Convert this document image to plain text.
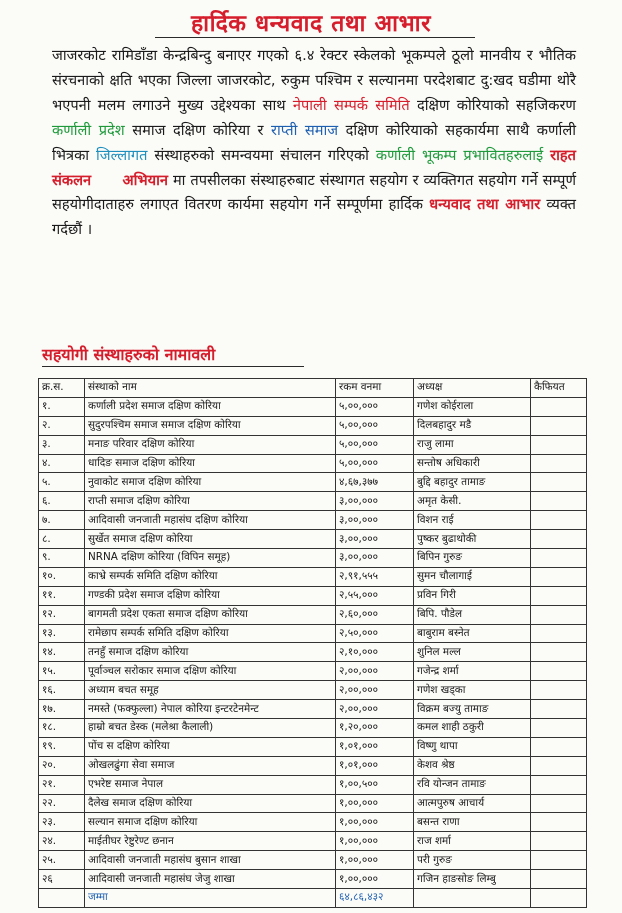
हार्दिक धन्यवाद तथा आभार
जाजरकोट रामिडाँडा केन्द्रबिन्दु बनाएर गएको ६.४ रेक्टर स्केलको भूकम्पले ठूलो मानवीय र भौतिक संरचनाको क्षति भएका जिल्ला जाजरकोट, रुकुम पश्चिम र सल्यानमा परदेशबाट दु:खद घडीमा थोरै भएपनी मलम लगाउने मुख्य उद्देश्यका साथ नेपाली सम्पर्क समिति दक्षिण कोरियाको सहजिकरण कर्णाली प्रदेश समाज दक्षिण कोरिया र राप्ती समाज दक्षिण कोरियाको सहकार्यमा साथै कर्णाली भित्रका जिल्लागत संस्थाहरुको समन्वयमा संचालन गरिएको कर्णाली भूकम्प प्रभावितहरुलाई राहत संकलन अभियान मा तपसीलका संस्थाहरुबाट संस्थागत सहयोग र व्यक्तिगत सहयोग गर्ने सम्पूर्ण सहयोगीदाताहरु लगाएत वितरण कार्यमा सहयोग गर्ने सम्पूर्णमा हार्दिक धन्यवाद तथा आभार व्यक्त गर्दछौं ।
सहयोगी संस्थाहरुको नामावली
क्र.स.	संस्थाको नाम	रकम वनमा	अध्यक्ष	कैफियत
१.	कर्णाली प्रदेश समाज दक्षिण कोरिया	५,००,०००	गणेश कोईराला	
२.	सुदुरपश्चिम समाज समाज दक्षिण कोरिया	५,००,०००	दिलबहादुर मडै	
३.	मनाङ परिवार दक्षिण कोरिया	५,००,०००	राजु लामा	
४.	धादिङ समाज दक्षिण कोरिया	५,००,०००	सन्तोष अधिकारी	
५.	नुवाकोट समाज दक्षिण कोरिया	४,६७,३७७	बुद्दि बहादुर तामाङ	
६.	राप्ती समाज दक्षिण कोरिया	३,००,०००	अमृत केसी.	
७.	आदिवासी जनजाती महासंघ दक्षिण कोरिया	३,००,०००	विशन राई	
८.	सुर्खेत समाज दक्षिण कोरिया	३,००,०००	पुष्कर बुढाथोकी	
९.	NRNA दक्षिण कोरिया (विपिन समूह)	३,००,०००	बिपिन गुरुङ	
१०.	काभ्रे सम्पर्क समिति दक्षिण कोरिया	२,९१,५५५	सुमन चौलागाई	
११.	गण्डकी प्रदेश समाज दक्षिण कोरिया	२,५५,०००	प्रविन गिरी	
१२.	बागमती प्रदेश एकता समाज दक्षिण कोरिया	२,६०,०००	बिपि. पौडेल	
१३.	रामेछाप सम्पर्क समिति दक्षिण कोरिया	२,५०,०००	बाबुराम बस्नेत	
१४.	तनहुँ समाज दक्षिण कोरिया	२,१०,०००	शुनिल मल्ल	
१५.	पूर्वाञ्चल सरोकार समाज दक्षिण कोरिया	२,००,०००	गजेन्द्र शर्मा	
१६.	अध्याम बचत समूह	२,००,०००	गणेश खड्का	
१७.	नमस्ते (फक्फुल्ला) नेपाल कोरिया इन्टरटेनमेन्ट	२,००,०००	विक्रम बज्यु तामाङ	
१८.	हाम्रो बचत डेस्क (मलेश्रा कैलाली)	१,२०,०००	कमल शाही ठकुरी	
१९.	पोंच स दक्षिण कोरिया	१,०१,०००	विष्णु थापा	
२०.	ओखलढुंगा सेवा समाज	१,०१,०००	केशव श्रेष्ठ	
२१.	एभरेष्ट समाज नेपाल	१,००,५००	रवि योन्जन तामाङ	
२२.	दैलेख समाज दक्षिण कोरिया	१,००,०००	आत्मपुरुष आचार्य	
२३.	सल्यान समाज दक्षिण कोरिया	१,००,०००	बसन्त राणा	
२४.	माईतीघर रेष्टुरेण्ट छनान	१,००,०००	राज शर्मा	
२५.	आदिवासी जनजाती महासंघ बुसान शाखा	१,००,०००	परी गुरुङ	
२६	आदिवासी जनजाती महासंघ जेजु शाखा	१,००,०००	गजिन हाङसोङ लिम्बु	
	जम्मा	६४,८६,४३२		
